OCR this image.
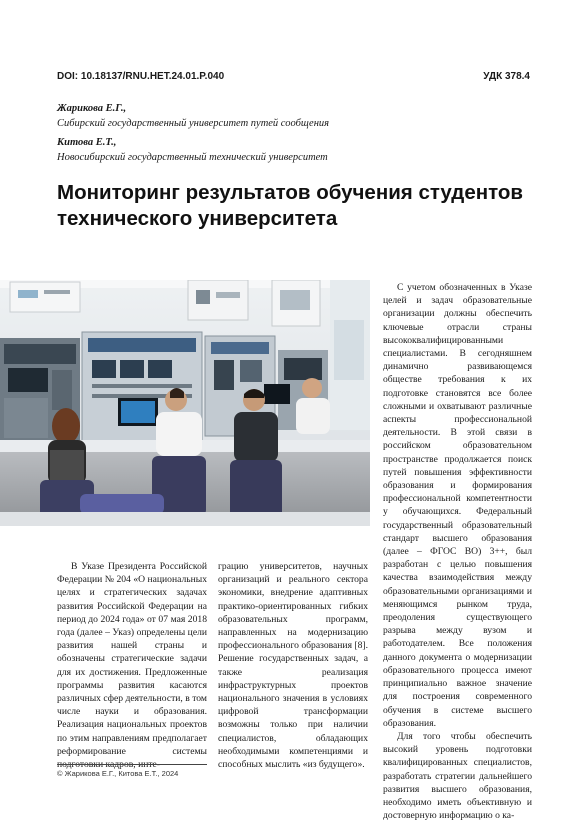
DOI: 10.18137/RNU.HET.24.01.P.040	УДК 378.4
Жарикова Е.Г.,
Сибирский государственный университет путей сообщения
Китова Е.Т.,
Новосибирский государственный технический университет
Мониторинг результатов обучения студентов технического университета

С учетом обозначенных в Указе целей и задач образовательные организации должны обеспечить ключевые отрасли страны высококвалифицированными специалистами. В сегодняшнем динамично развивающемся обществе требования к их подготовке становятся все более сложными и охватывают различные аспекты профессиональной деятельности. В этой связи в российском образовательном пространстве продолжается поиск путей повышения эффективности образования и формирования профессиональной компетентности у обучающихся. Федеральный государственный образовательный стандарт высшего образования (далее – ФГОС ВО) 3++, был разработан с целью повышения качества взаимодействия между образовательными организациями и меняющимся рынком труда, преодоления существующего разрыва между вузом и работодателем. Все положения данного документа о модернизации образовательного процесса имеют принципиально важное значение для построения современного обучения в системе высшего образования.

Для того чтобы обеспечить высокий уровень подготовки квалифицированных специалистов, разработать стратегии дальнейшего развития высшего образования, необходимо иметь объективную и достоверную информацию о ка-

В Указе Президента Российской Федерации № 204 «О национальных целях и стратегических задачах развития Российской Федерации на период до 2024 года» от 07 мая 2018 года (далее – Указ) определены цели развития нашей страны и обозначены стратегические задачи для их достижения. Предложенные программы развития касаются различных сфер деятельности, в том числе науки и образования. Реализация национальных проектов по этим направлениям предполагает реформирование системы подготовки кадров, инте-

грацию университетов, научных организаций и реального сектора экономики, внедрение адаптивных практико-ориентированных гибких образовательных программ, направленных на модернизацию профессионального образования [8]. Решение государственных задач, а также реализация инфраструктурных проектов национального значения в условиях цифровой трансформации возможны только при наличии специалистов, обладающих необходимыми компетенциями и способных мыслить «из будущего».

© Жарикова Е.Г., Китова Е.Т., 2024
